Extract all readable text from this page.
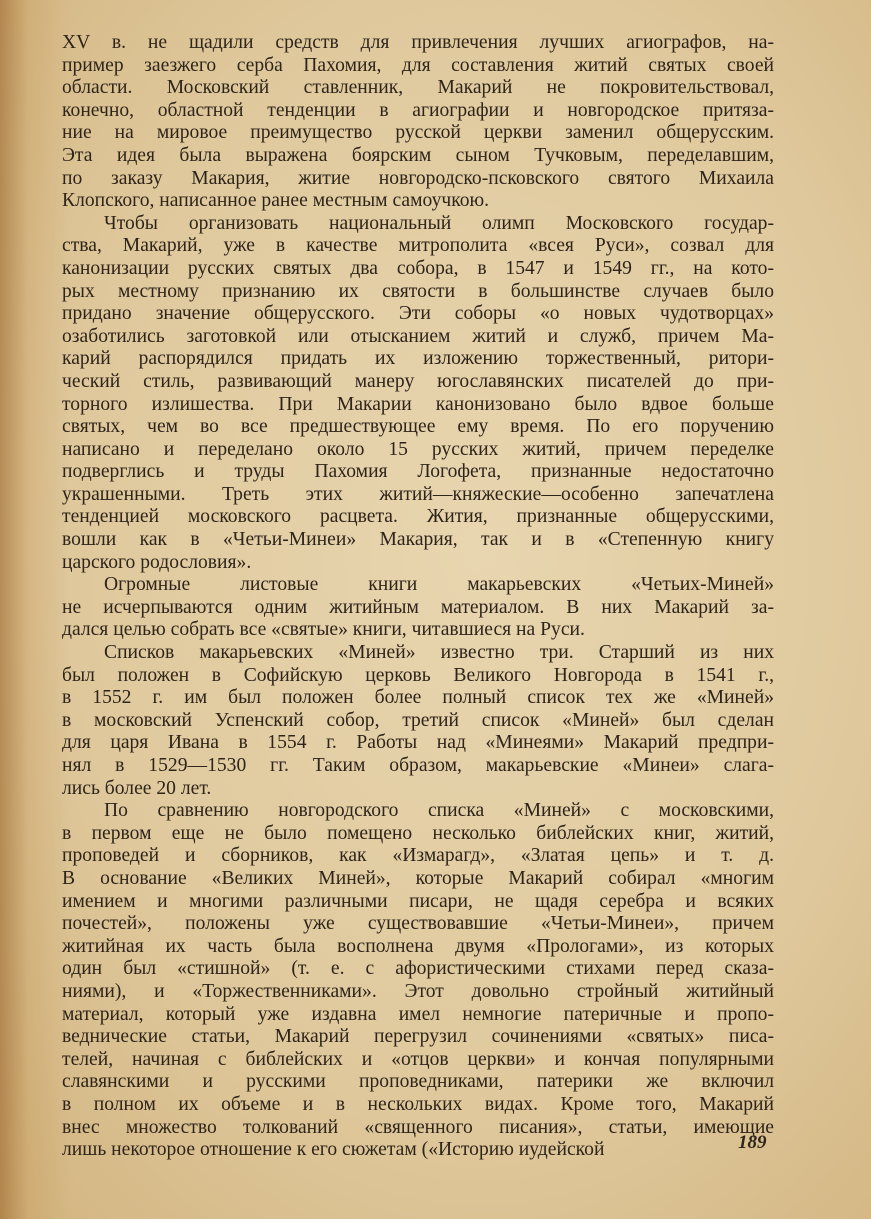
XV в. не щадили средств для привлечения лучших агиографов, на-
пример заезжего серба Пахомия, для составления житий святых своей
области. Московский ставленник, Макарий не покровительствовал,
конечно, областной тенденции в агиографии и новгородское притяза-
ние на мировое преимущество русской церкви заменил общерусским.
Эта идея была выражена боярским сыном Тучковым, переделавшим,
по заказу Макария, житие новгородско-псковского святого Михаила
Клопского, написанное ранее местным самоучкою.
Чтобы организовать национальный олимп Московского государ-
ства, Макарий, уже в качестве митрополита «всея Руси», созвал для
канонизации русских святых два собора, в 1547 и 1549 гг., на кото-
рых местному признанию их святости в большинстве случаев было
придано значение общерусского. Эти соборы «о новых чудотворцах»
озаботились заготовкой или отысканием житий и служб, причем Ма-
карий распорядился придать их изложению торжественный, ритори-
ческий стиль, развивающий манеру югославянских писателей до при-
торного излишества. При Макарии канонизовано было вдвое больше
святых, чем во все предшествующее ему время. По его поручению
написано и переделано около 15 русских житий, причем переделке
подверглись и труды Пахомия Логофета, признанные недостаточно
украшенными. Треть этих житий—княжеские—особенно запечатлена
тенденцией московского расцвета. Жития, признанные общерусскими,
вошли как в «Четьи-Минеи» Макария, так и в «Степенную книгу
царского родословия».
Огромные листовые книги макарьевских «Четьих-Миней»
не исчерпываются одним житийным материалом. В них Макарий за-
дался целью собрать все «святые» книги, читавшиеся на Руси.
Списков макарьевских «Миней» известно три. Старший из них
был положен в Софийскую церковь Великого Новгорода в 1541 г.,
в 1552 г. им был положен более полный список тех же «Миней»
в московский Успенский собор, третий список «Миней» был сделан
для царя Ивана в 1554 г. Работы над «Минеями» Макарий предпри-
нял в 1529—1530 гг. Таким образом, макарьевские «Минеи» слага-
лись более 20 лет.
По сравнению новгородского списка «Миней» с московскими,
в первом еще не было помещено несколько библейских книг, житий,
проповедей и сборников, как «Измарагд», «Златая цепь» и т. д.
В основание «Великих Миней», которые Макарий собирал «многим
имением и многими различными писари, не щадя серебра и всяких
почестей», положены уже существовавшие «Четьи-Минеи», причем
житийная их часть была восполнена двумя «Прологами», из которых
один был «стишной» (т. е. с афористическими стихами перед сказа-
ниями), и «Торжественниками». Этот довольно стройный житийный
материал, который уже издавна имел немногие патеричные и пропо-
веднические статьи, Макарий перегрузил сочинениями «святых» писа-
телей, начиная с библейских и «отцов церкви» и кончая популярными
славянскими и русскими проповедниками, патерики же включил
в полном их объеме и в нескольких видах. Кроме того, Макарий
внес множество толкований «священного писания», статьи, имеющие
лишь некоторое отношение к его сюжетам («Историю иудейской	189
